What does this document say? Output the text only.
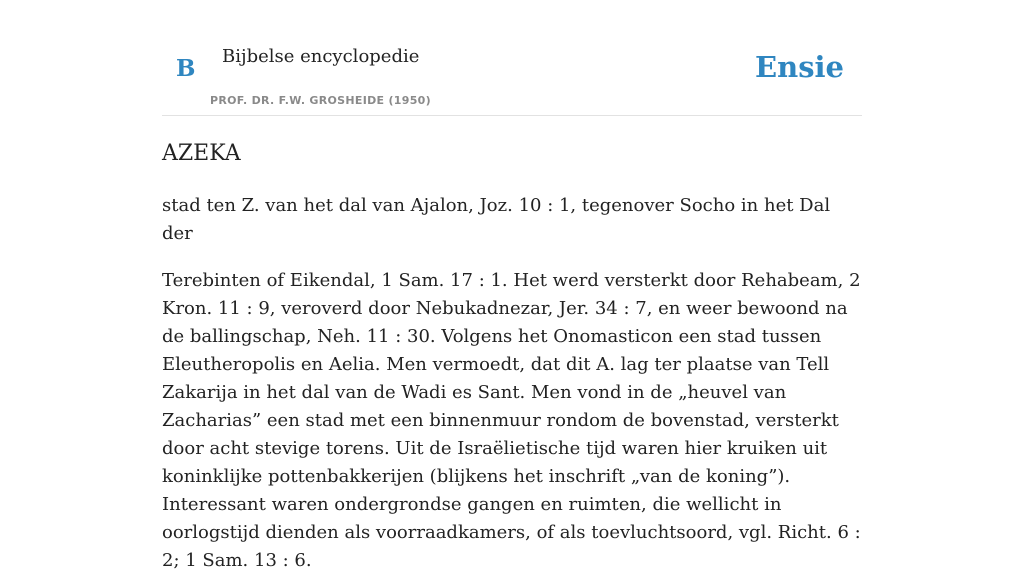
B Bijbelse encyclopedie
PROF. DR. F.W. GROSHEIDE (1950)
Ensie
AZEKA

stad ten Z. van het dal van Ajalon, Joz. 10 : 1, tegenover Socho in het Dal der

Terebinten of Eikendal, 1 Sam. 17 : 1. Het werd versterkt door Rehabeam, 2 Kron. 11 : 9, veroverd door Nebukadnezar, Jer. 34 : 7, en weer bewoond na de ballingschap, Neh. 11 : 30. Volgens het Onomasticon een stad tussen Eleutheropolis en Aelia. Men vermoedt, dat dit A. lag ter plaatse van Tell Zakarija in het dal van de Wadi es Sant. Men vond in de „heuvel van Zacharias” een stad met een binnenmuur rondom de bovenstad, versterkt door acht stevige torens. Uit de Israëlietische tijd waren hier kruiken uit koninklijke pottenbakkerijen (blijkens het inschrift „van de koning”). Interessant waren ondergrondse gangen en ruimten, die wellicht in oorlogstijd dienden als voorraadkamers, of als toevluchtsoord, vgl. Richt. 6 : 2; 1 Sam. 13 : 6.
